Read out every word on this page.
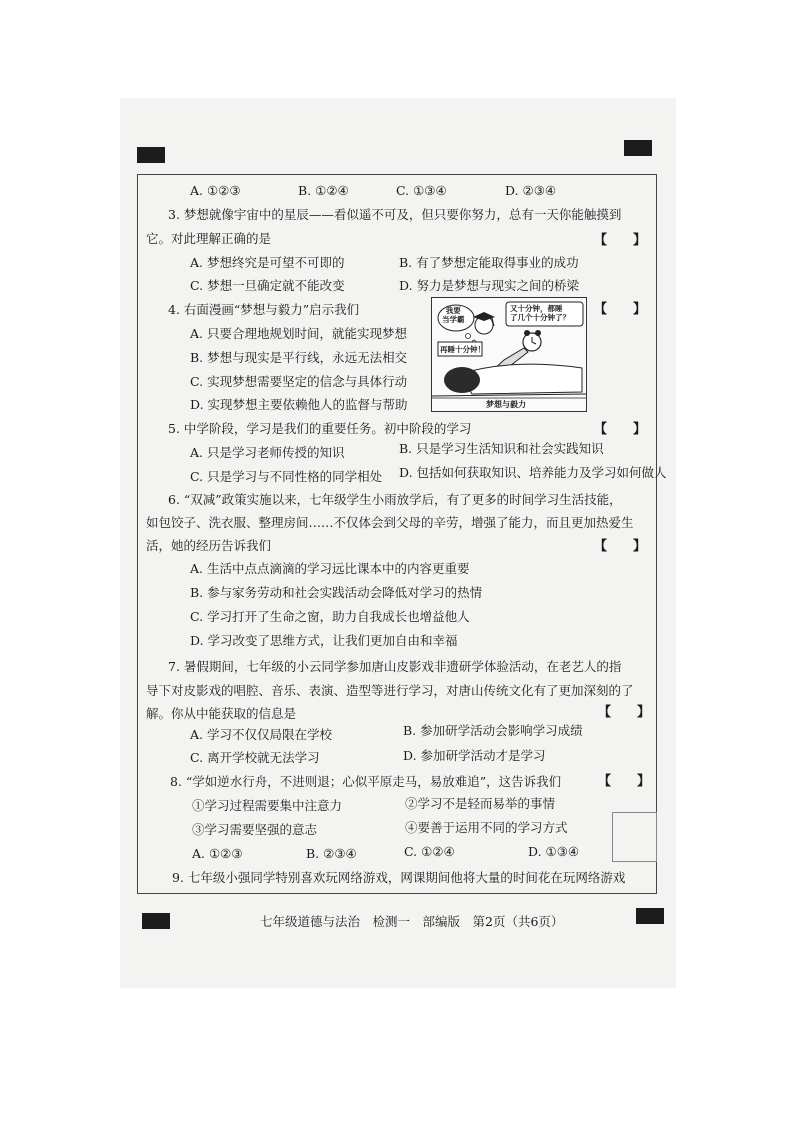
A. ①②③	B. ①②④	C. ①③④	D. ②③④
3. 梦想就像宇宙中的星辰——看似遥不可及，但只要你努力，总有一天你能触摸到
它。对此理解正确的是	【　　】
A. 梦想终究是可望不可即的	B. 有了梦想定能取得事业的成功
C. 梦想一旦确定就不能改变	D. 努力是梦想与现实之间的桥梁
4. 右面漫画“梦想与毅力”启示我们	【　　】
A. 只要合理地规划时间，就能实现梦想
B. 梦想与现实是平行线，永远无法相交
C. 实现梦想需要坚定的信念与具体行动
D. 实现梦想主要依赖他人的监督与帮助
我要
当学霸
又十分钟，都睡
了几个十分钟了？
再睡十分钟！
梦想与毅力
5. 中学阶段，学习是我们的重要任务。初中阶段的学习	【　　】
A. 只是学习老师传授的知识	B. 只是学习生活知识和社会实践知识
C. 只是学习与不同性格的同学相处 D. 包括如何获取知识、培养能力及学习如何做人
6. “双减”政策实施以来，七年级学生小雨放学后，有了更多的时间学习生活技能，
如包饺子、洗衣服、整理房间……不仅体会到父母的辛劳，增强了能力，而且更加热爱生
活，她的经历告诉我们	【　　】
A. 生活中点点滴滴的学习远比课本中的内容更重要
B. 参与家务劳动和社会实践活动会降低对学习的热情
C. 学习打开了生命之窗，助力自我成长也增益他人
D. 学习改变了思维方式，让我们更加自由和幸福
7. 暑假期间，七年级的小云同学参加唐山皮影戏非遗研学体验活动，在老艺人的指
导下对皮影戏的唱腔、音乐、表演、造型等进行学习，对唐山传统文化有了更加深刻的了
解。你从中能获取的信息是	【　　】
A. 学习不仅仅局限在学校	B. 参加研学活动会影响学习成绩
C. 离开学校就无法学习	D. 参加研学活动才是学习
8. “学如逆水行舟，不进则退；心似平原走马，易放难追”，这告诉我们	【　　】
①学习过程需要集中注意力	②学习不是轻而易举的事情
③学习需要坚强的意志	④要善于运用不同的学习方式
A. ①②③	B. ②③④	C. ①②④	D. ①③④
9. 七年级小强同学特别喜欢玩网络游戏，网课期间他将大量的时间花在玩网络游戏
七年级道德与法治　检测一　部编版　第2页（共6页）
